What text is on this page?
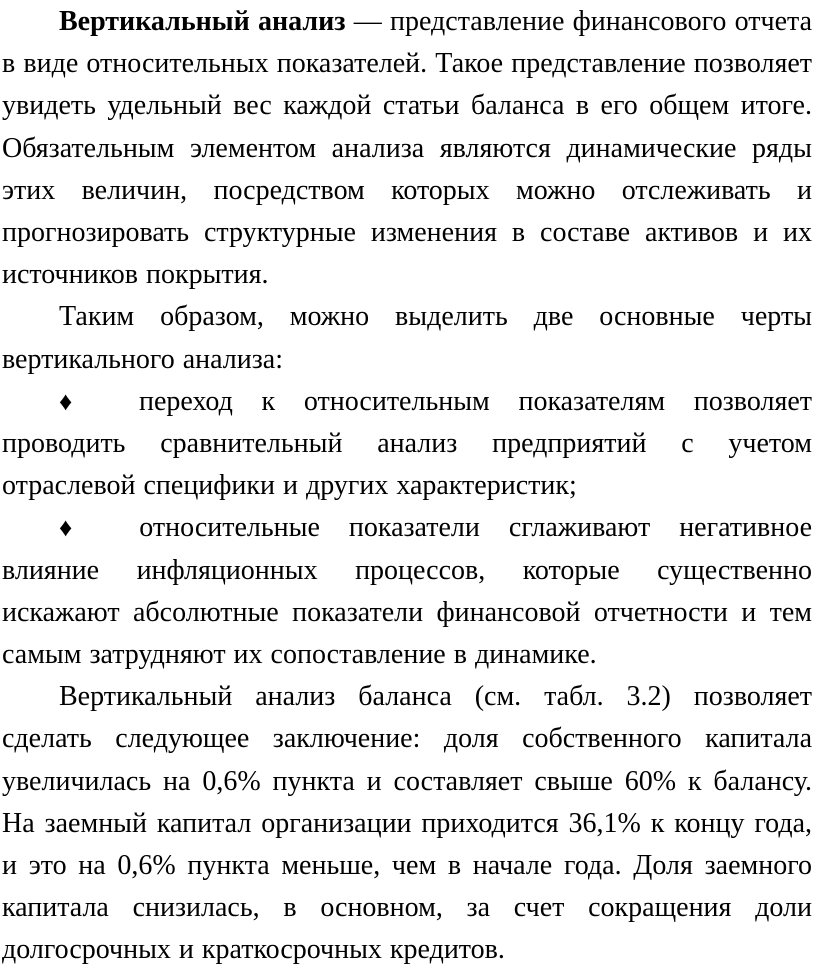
Вертикальный анализ — представление финансового отчета в виде относительных показателей. Такое представление позволяет увидеть удельный вес каждой статьи баланса в его общем итоге. Обязательным элементом анализа являются динамические ряды этих величин, посредством которых можно отслеживать и прогнозировать структурные изменения в составе активов и их источников покрытия.

Таким образом, можно выделить две основные черты вертикального анализа:

♦ переход к относительным показателям позволяет проводить сравнительный анализ предприятий с учетом отраслевой специфики и других характеристик;

♦ относительные показатели сглаживают негативное влияние инфляционных процессов, которые существенно искажают абсолютные показатели финансовой отчетности и тем самым затрудняют их сопоставление в динамике.

Вертикальный анализ баланса (см. табл. 3.2) позволяет сделать следующее заключение: доля собственного капитала увеличилась на 0,6% пункта и составляет свыше 60% к балансу. На заемный капитал организации приходится 36,1% к концу года, и это на 0,6% пункта меньше, чем в начале года. Доля заемного капитала снизилась, в основном, за счет сокращения доли долгосрочных и краткосрочных кредитов.
